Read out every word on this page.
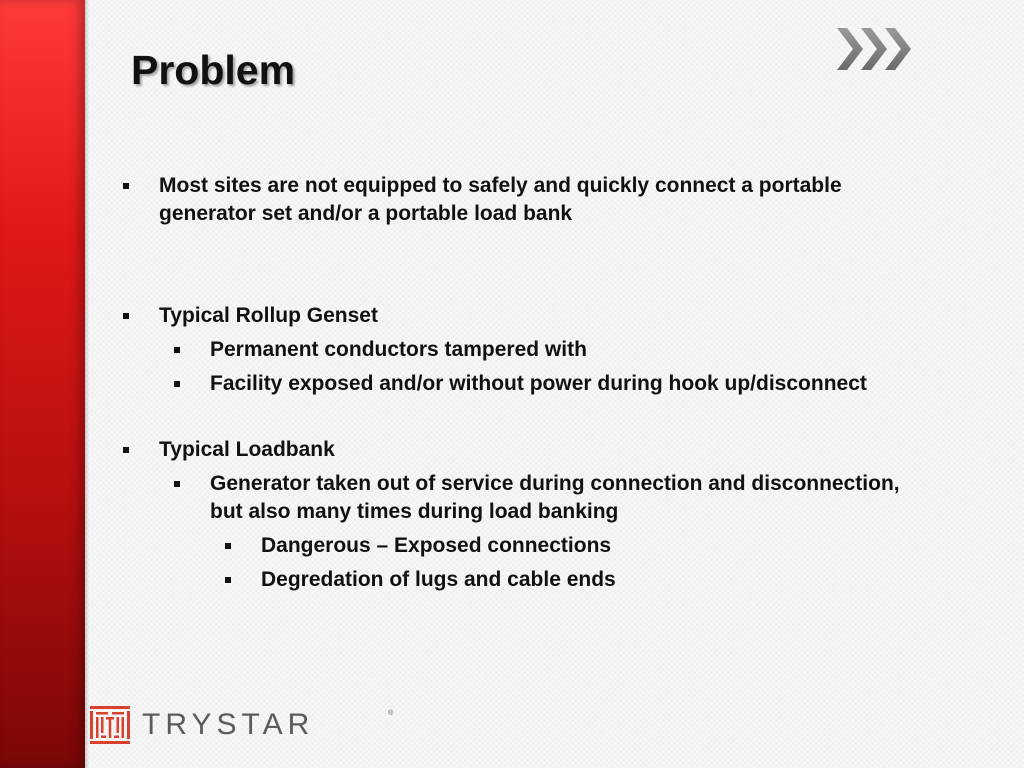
Problem

Most sites are not equipped to safely and quickly connect a portable generator set and/or a portable load bank

Typical Rollup Genset

Permanent conductors tampered with

Facility exposed and/or without power during hook up/disconnect

Typical Loadbank

Generator taken out of service during connection and disconnection, but also many times during load banking

Dangerous – Exposed connections

Degredation of lugs and cable ends

TRYSTAR	®
